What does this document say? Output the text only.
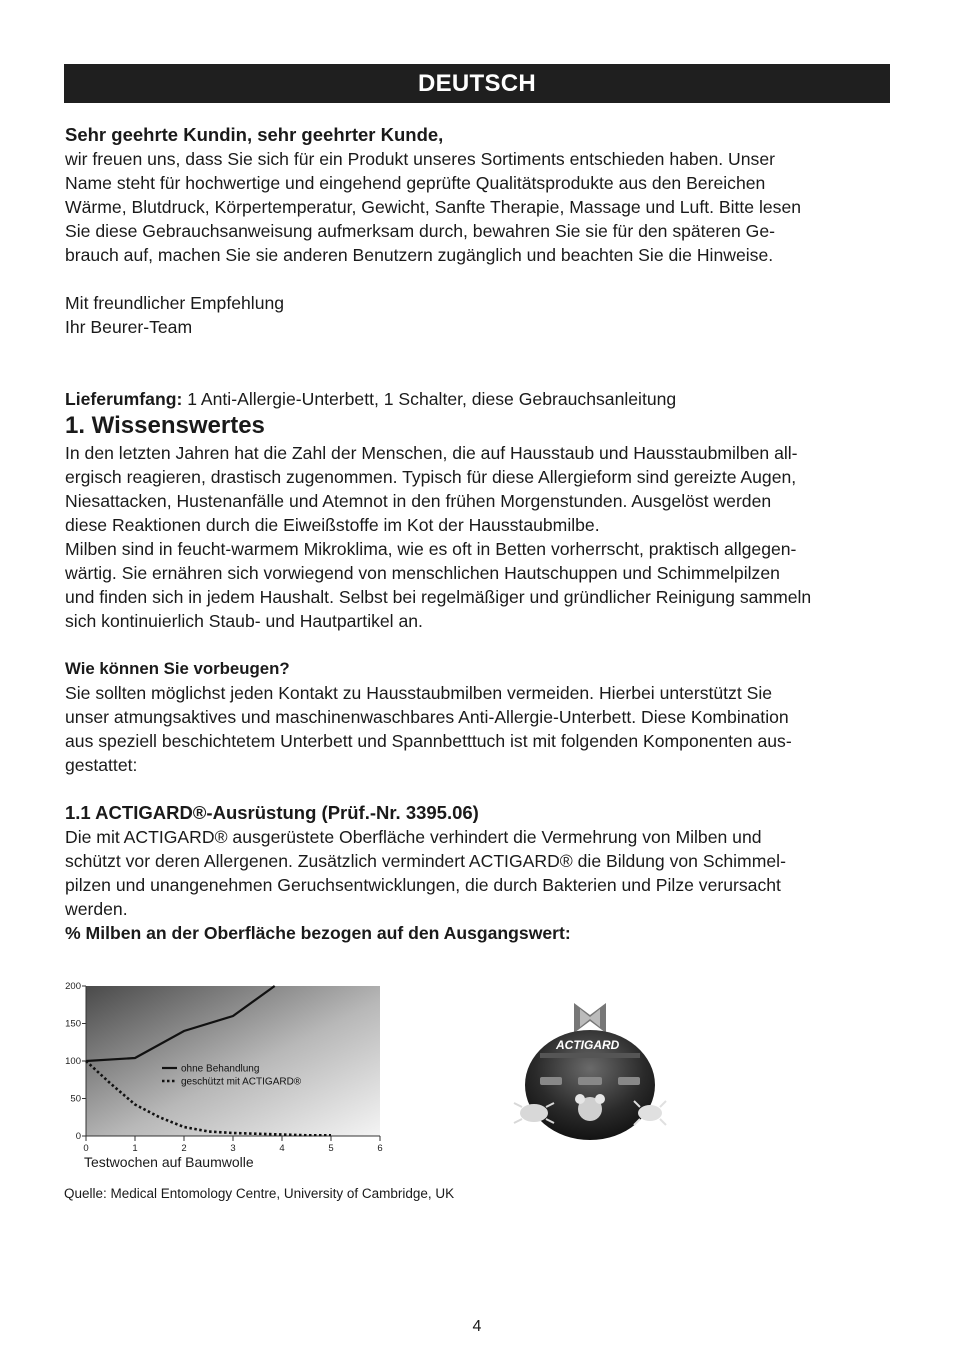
DEUTSCH

Sehr geehrte Kundin, sehr geehrter Kunde,

wir freuen uns, dass Sie sich für ein Produkt unseres Sortiments entschieden haben. Unser

Name steht für hochwertige und eingehend geprüfte Qualitätsprodukte aus den Bereichen

Wärme, Blutdruck, Körpertemperatur, Gewicht, Sanfte Therapie, Massage und Luft. Bitte lesen

Sie diese Gebrauchsanweisung aufmerksam durch, bewahren Sie sie für den späteren Ge-

brauch auf, machen Sie sie anderen Benutzern zugänglich und beachten Sie die Hinweise.

Mit freundlicher Empfehlung

Ihr Beurer-Team

Lieferumfang: 1 Anti-Allergie-Unterbett, 1 Schalter, diese Gebrauchsanleitung

1. Wissenswertes

In den letzten Jahren hat die Zahl der Menschen, die auf Hausstaub und Hausstaubmilben all-

ergisch reagieren, drastisch zugenommen. Typisch für diese Allergieform sind gereizte Augen,

Niesattacken, Hustenanfälle und Atemnot in den frühen Morgenstunden. Ausgelöst werden

diese Reaktionen durch die Eiweißstoffe im Kot der Hausstaubmilbe.

Milben sind in feucht-warmem Mikroklima, wie es oft in Betten vorherrscht, praktisch allgegen-

wärtig. Sie ernähren sich vorwiegend von menschlichen Hautschuppen und Schimmelpilzen

und finden sich in jedem Haushalt. Selbst bei regelmäßiger und gründlicher Reinigung sammeln

sich kontinuierlich Staub- und Hautpartikel an.

Wie können Sie vorbeugen?

Sie sollten möglichst jeden Kontakt zu Hausstaubmilben vermeiden. Hierbei unterstützt Sie

unser atmungsaktives und maschinenwaschbares Anti-Allergie-Unterbett. Diese Kombination

aus speziell beschichtetem Unterbett und Spannbetttuch ist mit folgenden Komponenten aus-

gestattet:

1.1 ACTIGARD®-Ausrüstung (Prüf.-Nr. 3395.06)

Die mit ACTIGARD® ausgerüstete Oberfläche verhindert die Vermehrung von Milben und

schützt vor deren Allergenen. Zusätzlich vermindert ACTIGARD® die Bildung von Schimmel-

pilzen und unangenehmen Geruchsentwicklungen, die durch Bakterien und Pilze verursacht

werden.

% Milben an der Oberfläche bezogen auf den Ausgangswert:

0
50
100
150
200
0	1	2	3	4	5	6
ohne Behandlung
geschützt mit ACTIGARD®
Testwochen auf Baumwolle
Quelle: Medical Entomology Centre, University of Cambridge, UK
ACTIGARD
4
